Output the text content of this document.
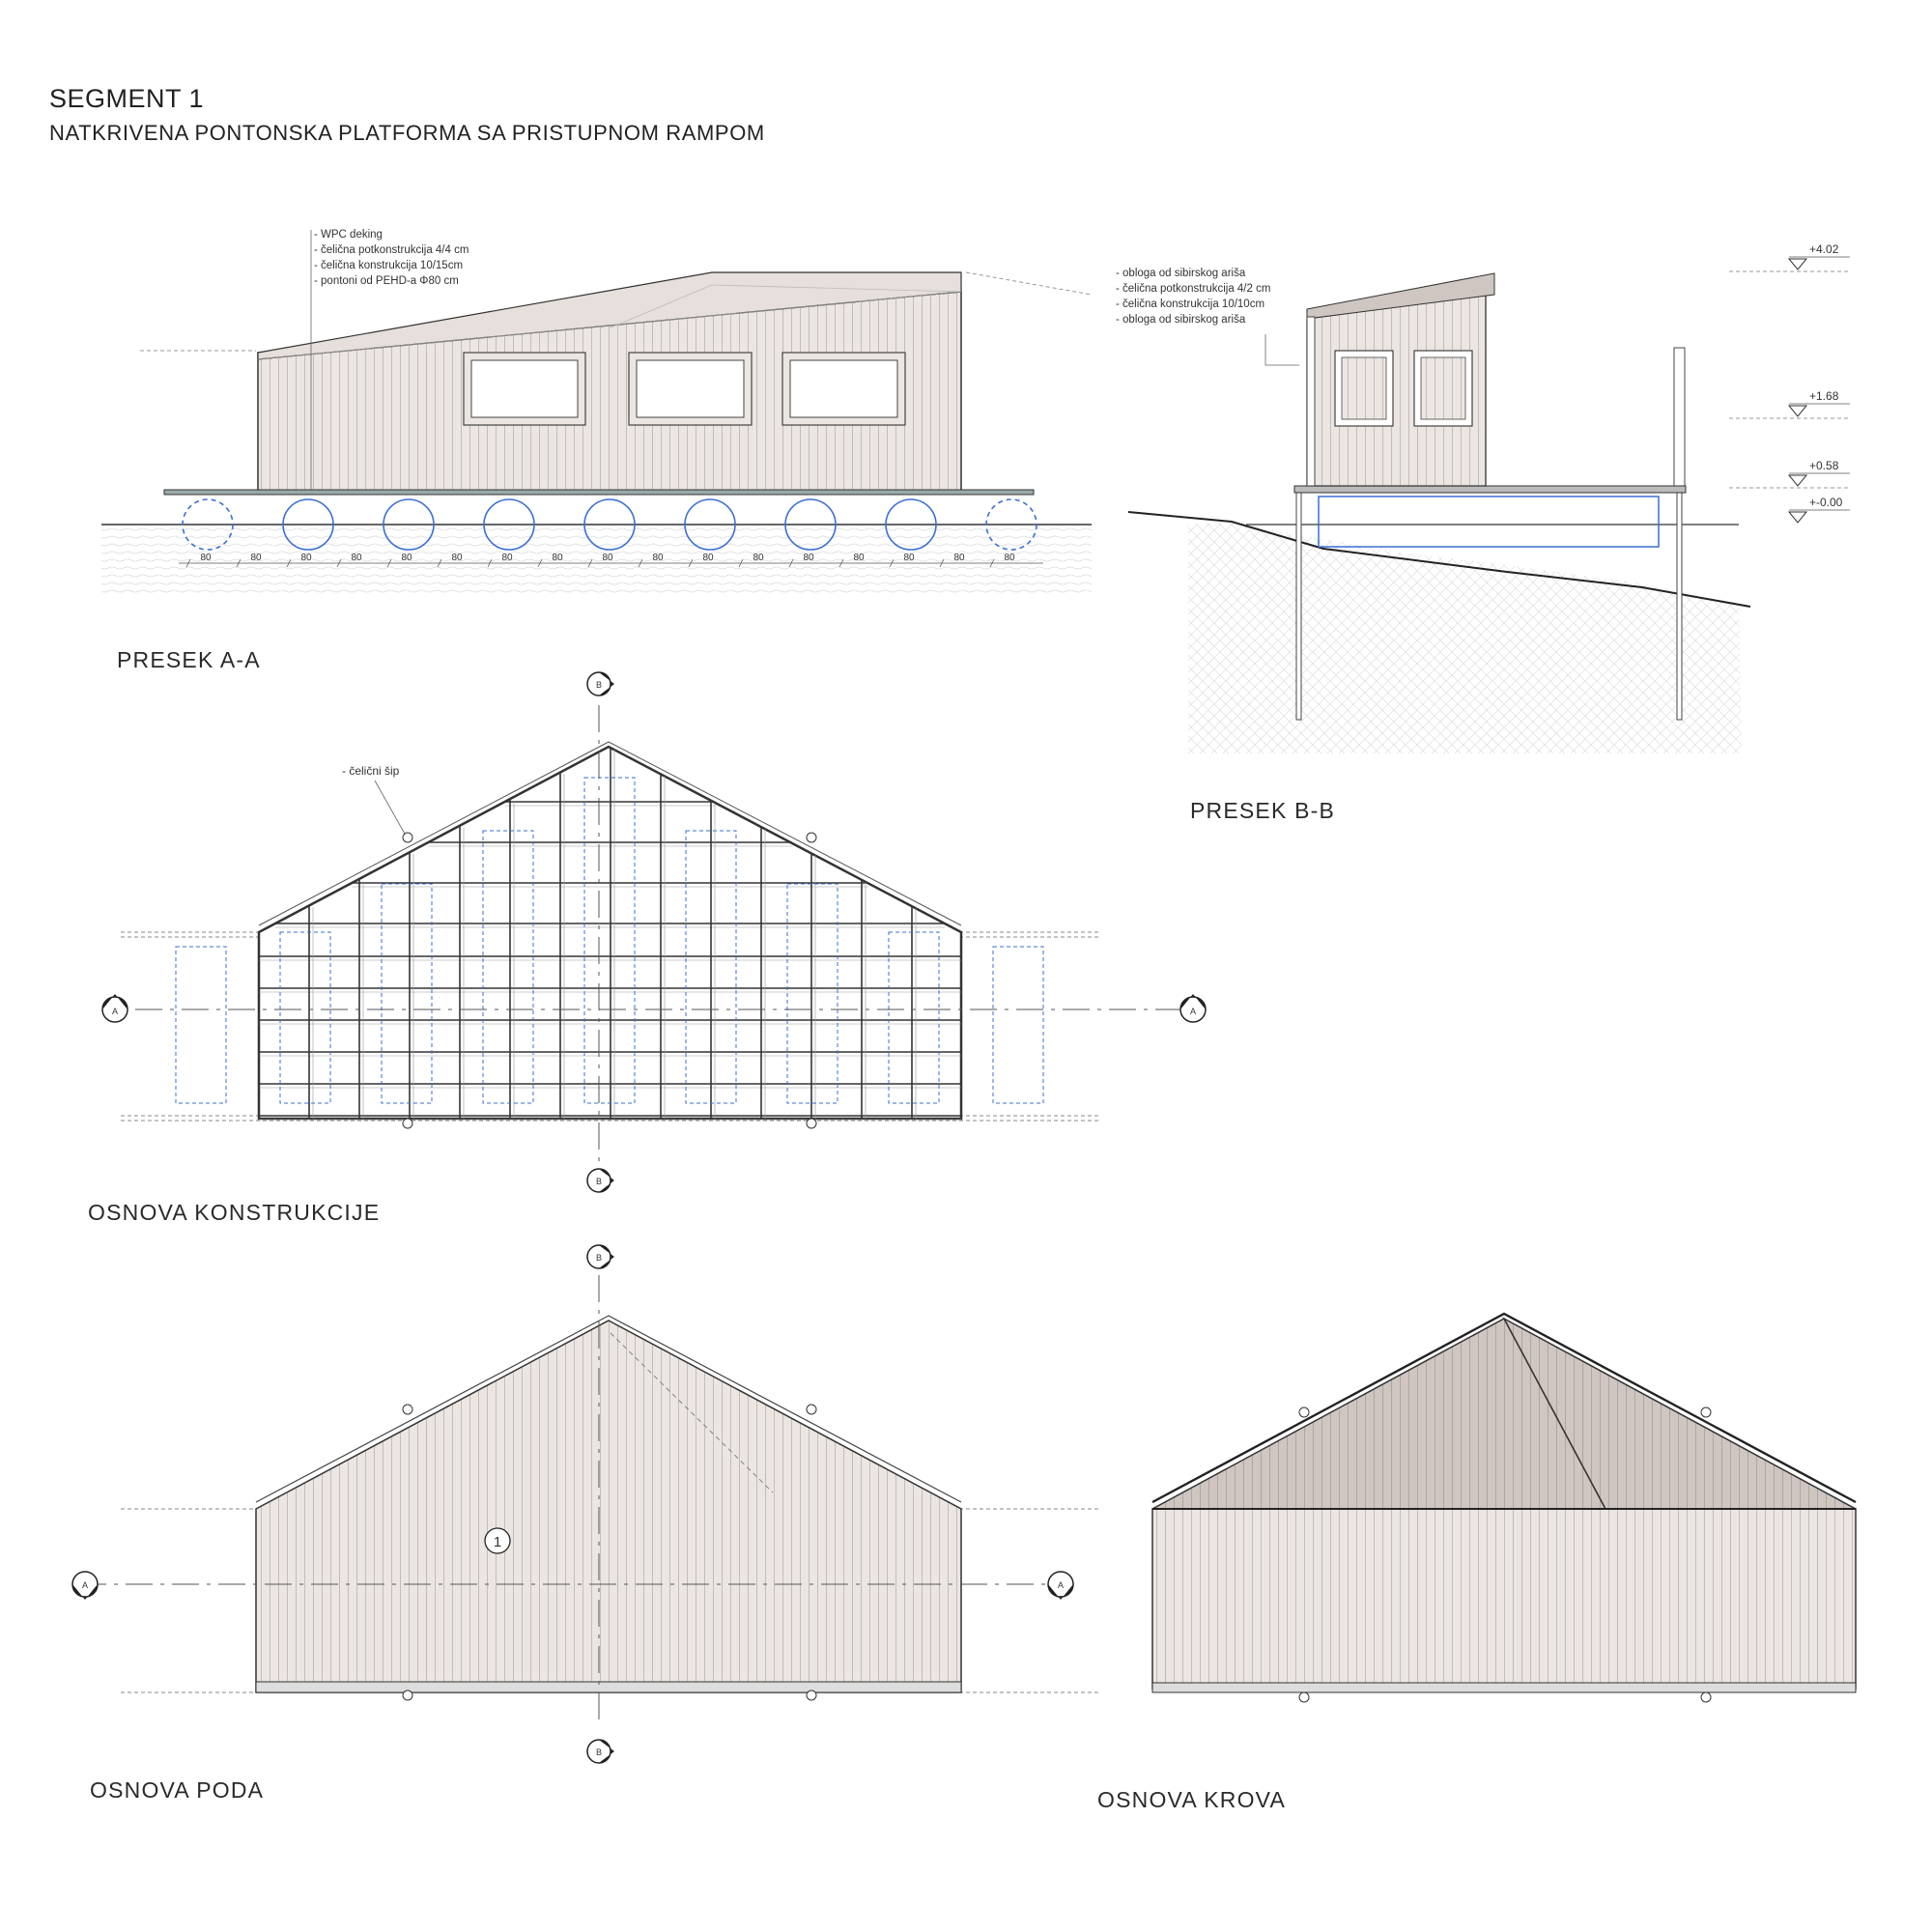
SEGMENT 1
NATKRIVENA PONTONSKA PLATFORMA SA PRISTUPNOM RAMPOM
PRESEK A-A
PRESEK B-B
OSNOVA KONSTRUKCIJE
OSNOVA PODA	OSNOVA KROVA
80	80	80	80	80	80	80	80	80	80	80	80	80	80	80	80	80
- WPC deking
- čelična potkonstrukcija 4/4 cm
- čelična konstrukcija 10/15cm
- pontoni od PEHD-a Φ80 cm
- obloga od sibirskog ariša
- čelična potkonstrukcija 4/2 cm
- čelična konstrukcija 10/10cm
- obloga od sibirskog ariša
+4.02
+1.68
+0.58
+-0.00
- čelični šip
A	A
B
B
1
A	A
B
B
